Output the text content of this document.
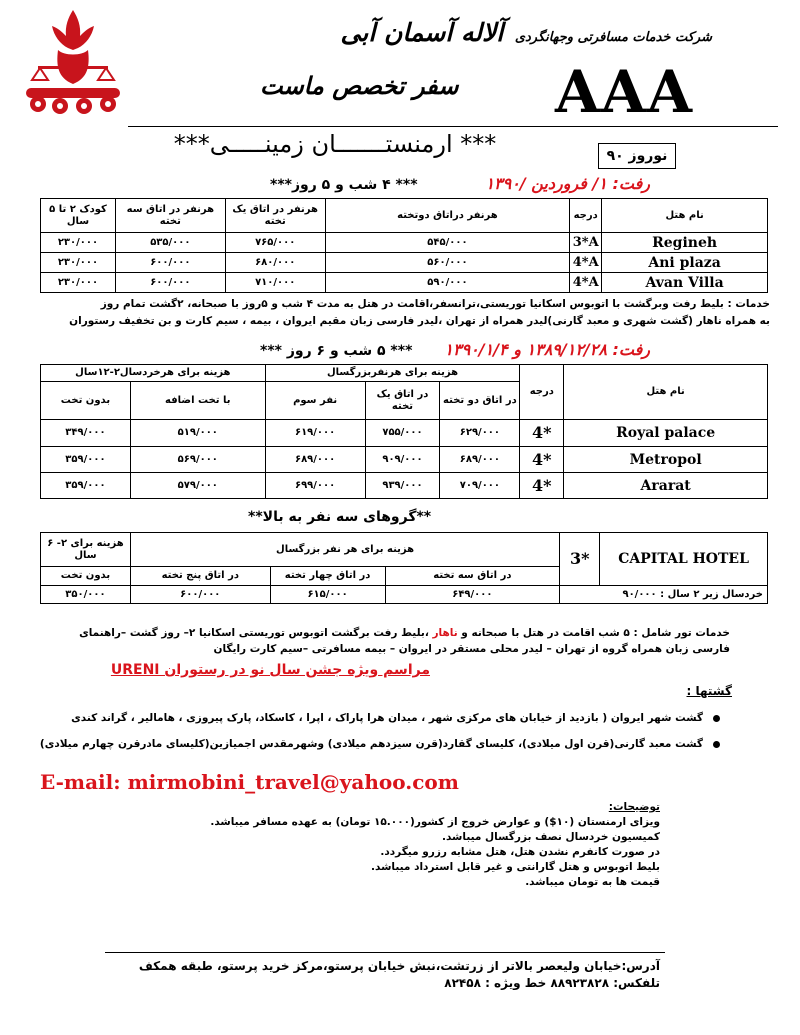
شرکت خدمات مسافرتی وجهانگردی آلاله آسمان آبی
سفر تخصص ماست AAA
*** ارمنستـــــــان زمینـــــی***	نوروز ۹۰
رفت: ۱/ فروردین /۱۳۹۰
*** ۴ شب و ۵ روز***
کودک ۲ تا ۵ سال	هرنفر در اتاق سه تخته	هرنفر در اتاق یک تخته	هرنفر دراتاق دوتخته	درجه	نام هتل
۲۳۰/۰۰۰	۵۳۵/۰۰۰	۷۶۵/۰۰۰	۵۴۵/۰۰۰	3*A	Regineh
۲۳۰/۰۰۰	۶۰۰/۰۰۰	۶۸۰/۰۰۰	۵۶۰/۰۰۰	4*A	Ani plaza
۲۳۰/۰۰۰	۶۰۰/۰۰۰	۷۱۰/۰۰۰	۵۹۰/۰۰۰	4*A	Avan Villa
خدمات : بلیط رفت وبرگشت با اتوبوس اسکانیا توریستی،ترانسفر،اقامت در هتل به مدت ۴ شب و ۵روز با صبحانه، ۲گشت تمام روز
به همراه ناهار (گشت شهری و معبد گارنی)لیدر همراه از تهران ،لیدر فارسی زبان مقیم ایروان ، بیمه ، سیم کارت و بن تخفیف رستوران
رفت: ۱۳۸۹/۱۲/۲۸ و ۱۳۹۰/۱/۴
*** ۵ شب و ۶ روز ***
هزینه برای هرخردسال۲-۱۲سال		هزینه برای هرنفربزرگسال			درجه	نام هتل
بدون تخت	با تخت اضافه	نفر سوم	در اتاق یک تخته	در اتاق دو تخته		
۳۴۹/۰۰۰	۵۱۹/۰۰۰	۶۱۹/۰۰۰	۷۵۵/۰۰۰	۶۲۹/۰۰۰	4*	Royal palace
۳۵۹/۰۰۰	۵۶۹/۰۰۰	۶۸۹/۰۰۰	۹۰۹/۰۰۰	۶۸۹/۰۰۰	4*	Metropol
۳۵۹/۰۰۰	۵۷۹/۰۰۰	۶۹۹/۰۰۰	۹۳۹/۰۰۰	۷۰۹/۰۰۰	4*	Ararat
**گروهای سه نفر به بالا**
هزینه برای ۲- ۶ سال	هزینه برای هر نفر بزرگسال			3*	CAPITAL HOTEL
بدون تخت	در اتاق پنج تخته	در اتاق چهار تخته	در اتاق سه تخته		
۳۵۰/۰۰۰	۶۰۰/۰۰۰	۶۱۵/۰۰۰	۶۴۹/۰۰۰	خردسال زیر ۲ سال : ۹۰/۰۰۰	
خدمات تور شامل : ۵ شب اقامت در هتل با صبحانه و ناهار ،بلیط رفت برگشت اتوبوس توریستی اسکانیا ۲– روز گشت –راهنمای
فارسی زبان همراه گروه از تهران – لیدر محلی مستقر در ایروان – بیمه مسافرتی –سیم کارت رایگان
مراسم ویژه جشن سال نو در رستوران URENI
گشتها :
گشت شهر ایروان ( بازدید از خیابان های مرکزی شهر ، میدان هرا پاراک ، اپرا ، کاسکاد، پارک پیروزی ، هامالیر ، گراند کندی
گشت معبد گارنی(قرن اول میلادی)، کلیسای گقارد(قرن سیزدهم میلادی) وشهرمقدس اجمیازین(کلیسای مادرقرن چهارم میلادی)
E-mail: mirmobini_travel@yahoo.com
توضیحات:
ویزای ارمنستان (۱۰$) و عوارض خروج از کشور(۱۵.۰۰۰ تومان) به عهده مسافر میباشد.
کمیسیون خردسال نصف بزرگسال میباشد.
در صورت کانفرم نشدن هتل، هتل مشابه رزرو میگردد.
بلیط اتوبوس و هتل گارانتی و غیر قابل استرداد میباشد.
قیمت ها به تومان میباشد.
آدرس:خیابان ولیعصر بالاتر از زرتشت،نبش خیابان پرستو،مرکز خرید پرستو، طبقه همکف
تلفکس: ۸۸۹۲۳۸۲۸ خط ویژه : ۸۲۴۵۸
